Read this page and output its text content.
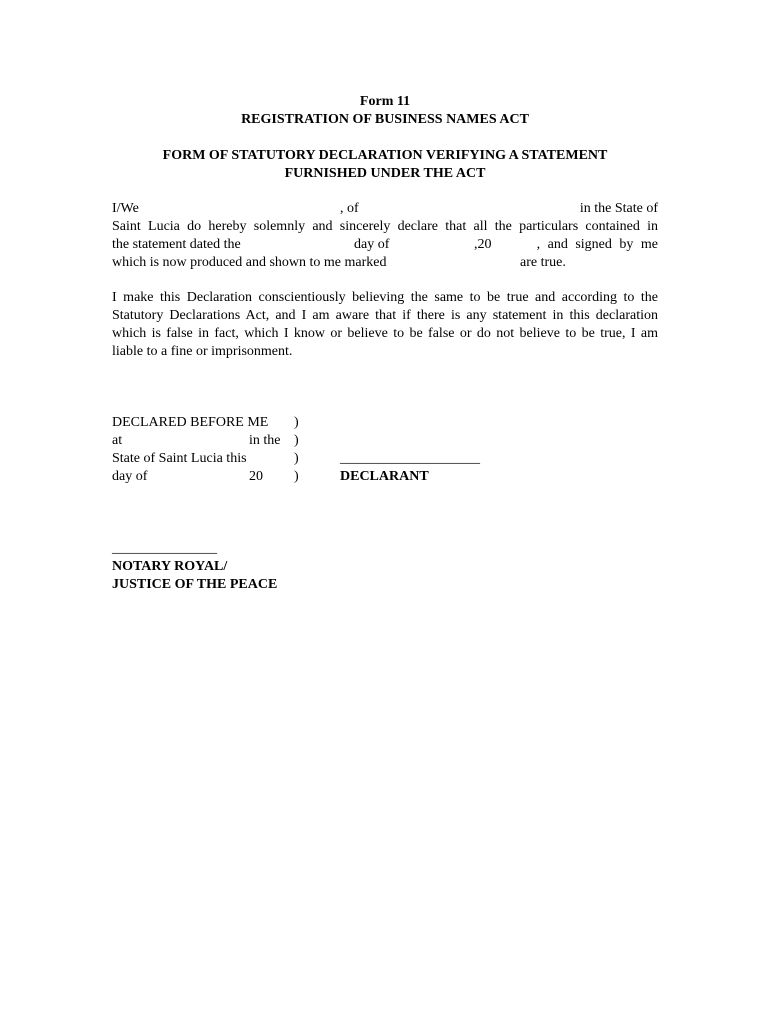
Form 11
REGISTRATION OF BUSINESS NAMES ACT
FORM OF STATUTORY DECLARATION VERIFYING A STATEMENT
FURNISHED UNDER THE ACT
I/We	, of	in the State of
Saint Lucia do hereby solemnly and sincerely declare that all the particulars contained in
the statement dated the	day of	,20	, and signed by me
which is now produced and shown to me marked	are true.
I make this Declaration conscientiously believing the same to be true and according to the
Statutory Declarations Act, and I am aware that if there is any statement in this declaration
which is false in fact, which I know or believe to be false or do not believe to be true, I am
liable to a fine or imprisonment.
DECLARED BEFORE ME )
at	in the )
State of Saint Lucia this	)
day of	20 )
____________________
DECLARANT
_______________
NOTARY ROYAL/
JUSTICE OF THE PEACE
